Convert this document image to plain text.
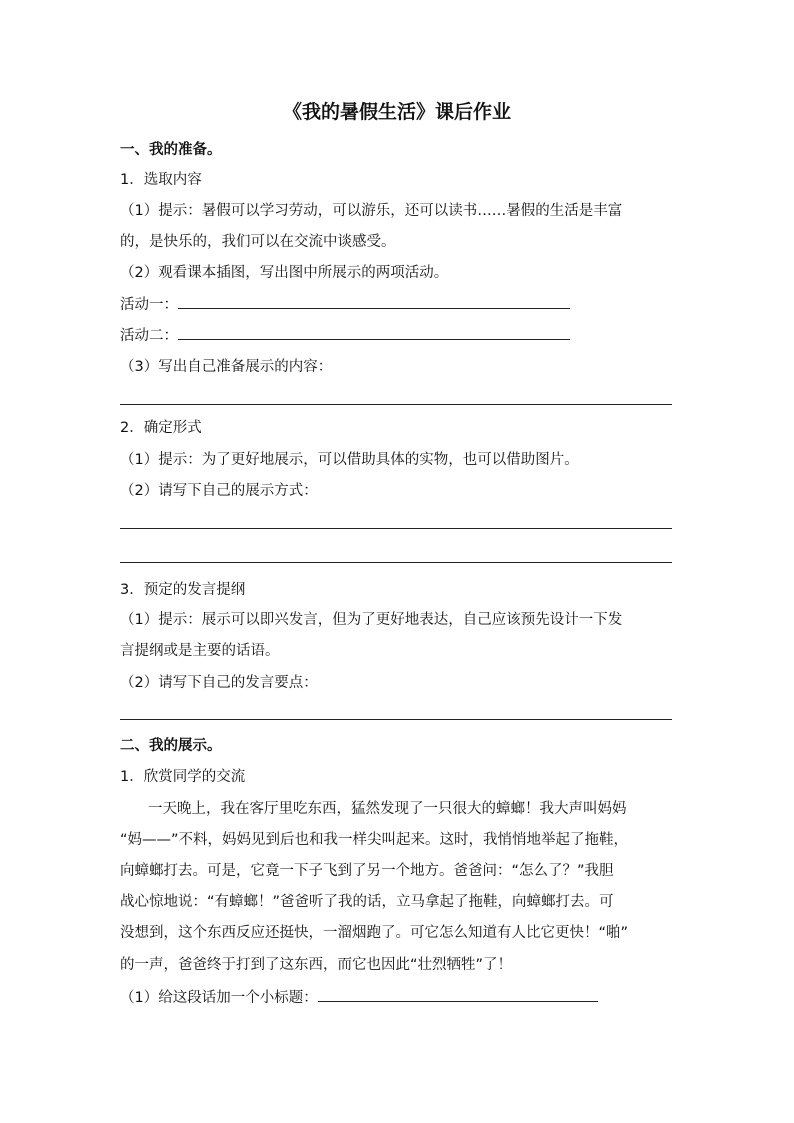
《我的暑假生活》课后作业
一、我的准备。
1．选取内容
（1）提示：暑假可以学习劳动，可以游乐，还可以读书……暑假的生活是丰富
的，是快乐的，我们可以在交流中谈感受。
（2）观看课本插图，写出图中所展示的两项活动。
活动一：
活动二：
（3）写出自己准备展示的内容：
2．确定形式
（1）提示：为了更好地展示，可以借助具体的实物，也可以借助图片。
（2）请写下自己的展示方式：
3．预定的发言提纲
（1）提示：展示可以即兴发言，但为了更好地表达，自己应该预先设计一下发
言提纲或是主要的话语。
（2）请写下自己的发言要点：
二、我的展示。
1．欣赏同学的交流
一天晚上，我在客厅里吃东西，猛然发现了一只很大的蟑螂！我大声叫妈妈
“妈——”不料，妈妈见到后也和我一样尖叫起来。这时，我悄悄地举起了拖鞋，
向蟑螂打去。可是，它竟一下子飞到了另一个地方。爸爸问：“怎么了？”我胆
战心惊地说：“有蟑螂！”爸爸听了我的话，立马拿起了拖鞋，向蟑螂打去。可
没想到，这个东西反应还挺快，一溜烟跑了。可它怎么知道有人比它更快！“啪”
的一声，爸爸终于打到了这东西，而它也因此“壮烈牺牲”了！
（1）给这段话加一个小标题：
